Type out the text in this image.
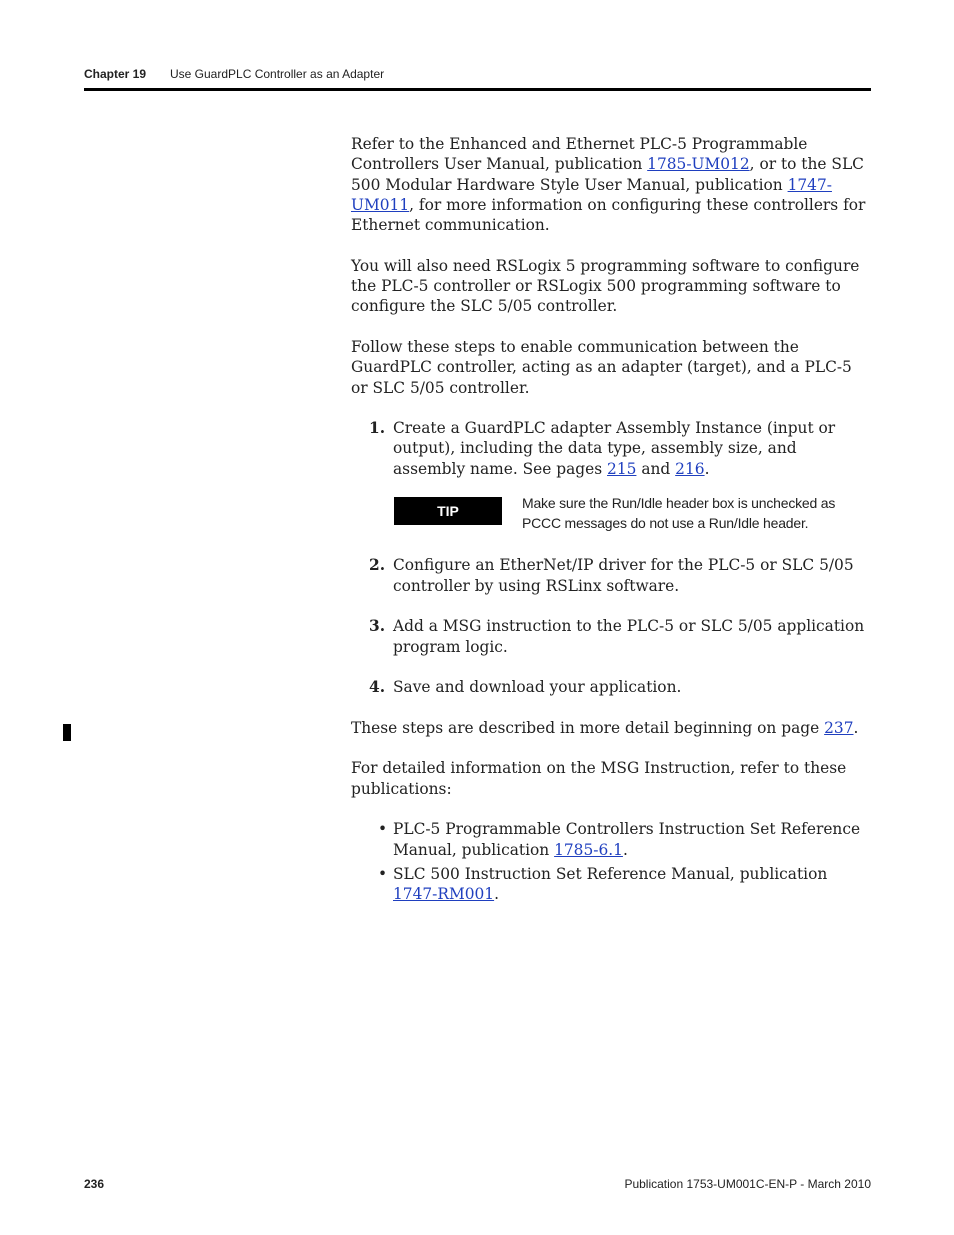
Chapter 19 Use GuardPLC Controller as an Adapter

Refer to the Enhanced and Ethernet PLC-5 Programmable Controllers User Manual, publication 1785-UM012, or to the SLC 500 Modular Hardware Style User Manual, publication 1747-UM011, for more information on configuring these controllers for Ethernet communication.

You will also need RSLogix 5 programming software to configure the PLC-5 controller or RSLogix 500 programming software to configure the SLC 5/05 controller.

Follow these steps to enable communication between the GuardPLC controller, acting as an adapter (target), and a PLC-5 or SLC 5/05 controller.

1. Create a GuardPLC adapter Assembly Instance (input or output), including the data type, assembly size, and assembly name. See pages 215 and 216.
TIP	Make sure the Run/Idle header box is unchecked as PCCC messages do not use a Run/Idle header.
2. Configure an EtherNet/IP driver for the PLC-5 or SLC 5/05 controller by using RSLinx software.
3. Add a MSG instruction to the PLC-5 or SLC 5/05 application program logic.
4. Save and download your application.

These steps are described in more detail beginning on page 237.

For detailed information on the MSG Instruction, refer to these publications:

• PLC-5 Programmable Controllers Instruction Set Reference Manual, publication 1785-6.1.
• SLC 500 Instruction Set Reference Manual, publication 1747-RM001.
236	Publication 1753-UM001C-EN-P - March 2010
